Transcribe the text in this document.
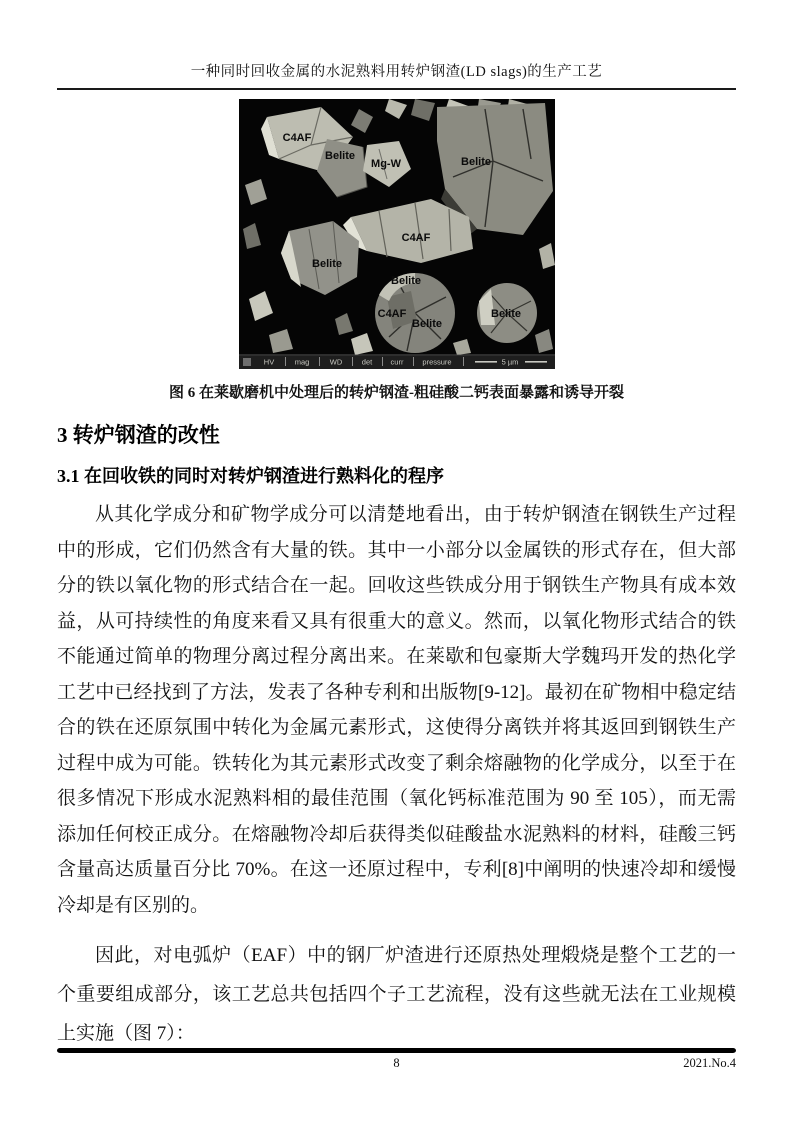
一种同时回收金属的水泥熟料用转炉钢渣(LD slags)的生产工艺
C4AF
Belite
Mg-W	Belite
C4AF
Belite
Belite
C4AF
Belite
Belite
HV	mag	WD	det curr	pressure	5 µm
图 6 在莱歇磨机中处理后的转炉钢渣-粗硅酸二钙表面暴露和诱导开裂
3 转炉钢渣的改性
3.1 在回收铁的同时对转炉钢渣进行熟料化的程序

从其化学成分和矿物学成分可以清楚地看出，由于转炉钢渣在钢铁生产过程中的形成，它们仍然含有大量的铁。其中一小部分以金属铁的形式存在，但大部分的铁以氧化物的形式结合在一起。回收这些铁成分用于钢铁生产物具有成本效益，从可持续性的角度来看又具有很重大的意义。然而，以氧化物形式结合的铁不能通过简单的物理分离过程分离出来。在莱歇和包豪斯大学魏玛开发的热化学工艺中已经找到了方法，发表了各种专利和出版物[9-12]。最初在矿物相中稳定结合的铁在还原氛围中转化为金属元素形式，这使得分离铁并将其返回到钢铁生产过程中成为可能。铁转化为其元素形式改变了剩余熔融物的化学成分，以至于在很多情况下形成水泥熟料相的最佳范围（氧化钙标准范围为 90 至 105），而无需添加任何校正成分。在熔融物冷却后获得类似硅酸盐水泥熟料的材料，硅酸三钙含量高达质量百分比 70%。在这一还原过程中，专利[8]中阐明的快速冷却和缓慢冷却是有区别的。

因此，对电弧炉（EAF）中的钢厂炉渣进行还原热处理煅烧是整个工艺的一个重要组成部分，该工艺总共包括四个子工艺流程，没有这些就无法在工业规模上实施（图 7）：

8	2021.No.4
